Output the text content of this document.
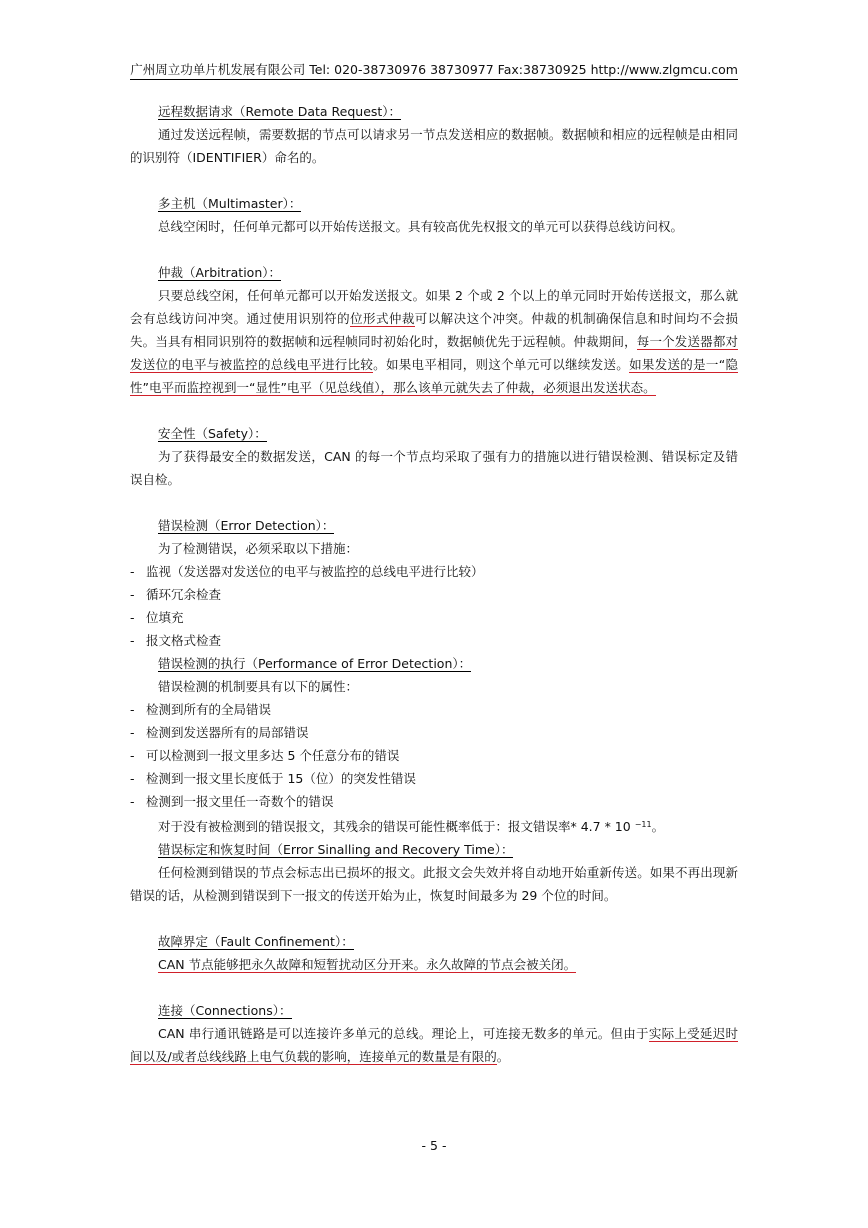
广州周立功单片机发展有限公司 Tel: 020-38730976 38730977 Fax:38730925 http://www.zlgmcu.com
远程数据请求（Remote Data Request）：
通过发送远程帧，需要数据的节点可以请求另一节点发送相应的数据帧。数据帧和相应的远程帧是由相同的识别符（IDENTIFIER）命名的。
多主机（Multimaster）：
总线空闲时，任何单元都可以开始传送报文。具有较高优先权报文的单元可以获得总线访问权。
仲裁（Arbitration）：
只要总线空闲，任何单元都可以开始发送报文。如果 2 个或 2 个以上的单元同时开始传送报文，那么就会有总线访问冲突。通过使用识别符的位形式仲裁可以解决这个冲突。仲裁的机制确保信息和时间均不会损失。当具有相同识别符的数据帧和远程帧同时初始化时，数据帧优先于远程帧。仲裁期间，每一个发送器都对发送位的电平与被监控的总线电平进行比较。如果电平相同，则这个单元可以继续发送。如果发送的是一“隐性”电平而监控视到一“显性”电平（见总线值），那么该单元就失去了仲裁，必须退出发送状态。
安全性（Safety）：
为了获得最安全的数据发送，CAN 的每一个节点均采取了强有力的措施以进行错误检测、错误标定及错误自检。
错误检测（Error Detection）：
为了检测错误，必须采取以下措施：
- 监视（发送器对发送位的电平与被监控的总线电平进行比较）
- 循环冗余检查
- 位填充
- 报文格式检查
错误检测的执行（Performance of Error Detection）：
错误检测的机制要具有以下的属性：
- 检测到所有的全局错误
- 检测到发送器所有的局部错误
- 可以检测到一报文里多达 5 个任意分布的错误
- 检测到一报文里长度低于 15（位）的突发性错误
- 检测到一报文里任一奇数个的错误
对于没有被检测到的错误报文，其残余的错误可能性概率低于：报文错误率* 4.7 * 10 $^{-11}$。
错误标定和恢复时间（Error Sinalling and Recovery Time）：
任何检测到错误的节点会标志出已损坏的报文。此报文会失效并将自动地开始重新传送。如果不再出现新错误的话，从检测到错误到下一报文的传送开始为止，恢复时间最多为 29 个位的时间。
故障界定（Fault Confinement）：
CAN 节点能够把永久故障和短暂扰动区分开来。永久故障的节点会被关闭。
连接（Connections）：
CAN 串行通讯链路是可以连接许多单元的总线。理论上，可连接无数多的单元。但由于实际上受延迟时间以及/或者总线线路上电气负载的影响，连接单元的数量是有限的。
- 5 -
